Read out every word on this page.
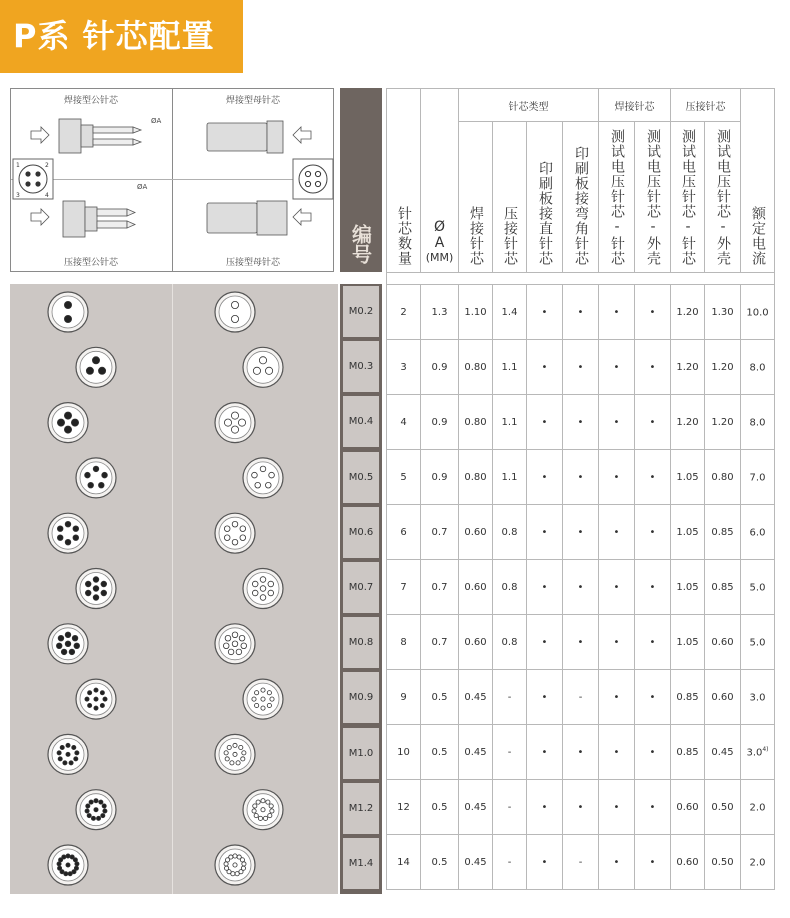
P系 针芯配置
焊接型公针芯	焊接型母针芯
压接型公针芯	压接型母针芯
ØA
ØA
1	2
3	4
编号
M0.2
M0.3
M0.4
M0.5
M0.6
M0.7
M0.8
M0.9
M1.0
M1.2
M1.4
针芯数量	Ø
A
(MM)	针芯类型				焊接针芯		压接针芯		额定电流

		焊接针芯	压接针芯	印刷板接直针芯	印刷板接弯角针芯	测试电压针芯-针芯	测试电压针芯-外壳	测试电压针芯-针芯	测试电压针芯-外壳	

2	1.3	1.10	1.4	•	•	•	•	1.20	1.30	10.0
3	0.9	0.80	1.1	•	•	•	•	1.20	1.20	8.0
4	0.9	0.80	1.1	•	•	•	•	1.20	1.20	8.0
5	0.9	0.80	1.1	•	•	•	•	1.05	0.80	7.0
6	0.7	0.60	0.8	•	•	•	•	1.05	0.85	6.0
7	0.7	0.60	0.8	•	•	•	•	1.05	0.85	5.0
8	0.7	0.60	0.8	•	•	•	•	1.05	0.60	5.0
9	0.5	0.45	-	•	-	•	•	0.85	0.60	3.0
10	0.5	0.45	-	•	•	•	•	0.85	0.45	3.0$^{4)}$
12	0.5	0.45	-	•	•	•	•	0.60	0.50	2.0
14	0.5	0.45	-	•	-	•	•	0.60	0.50	2.0
